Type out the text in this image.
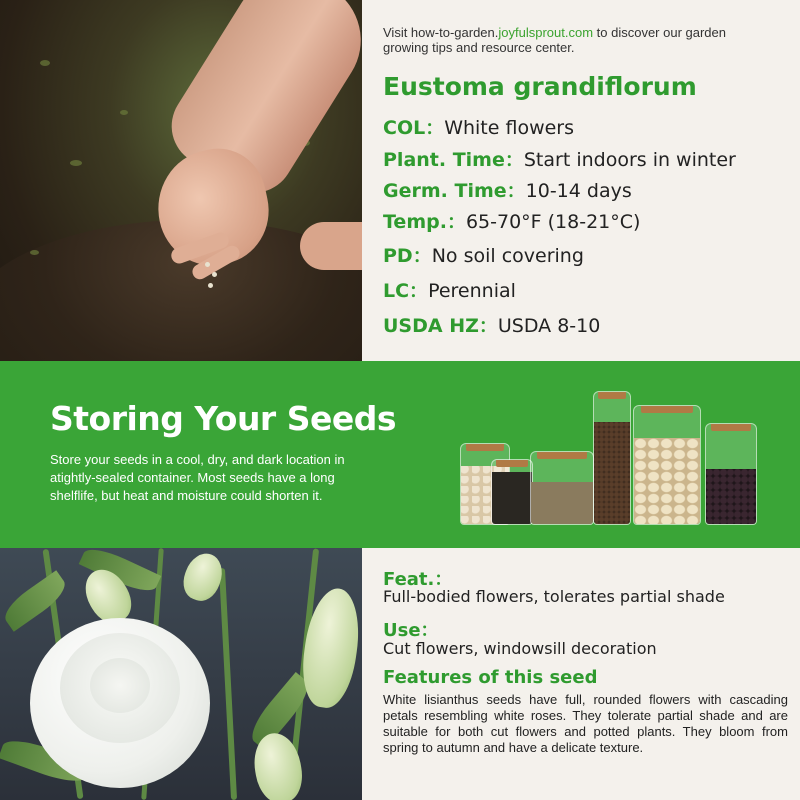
Visit how-to-garden.joyfulsprout.com to discover our garden growing tips and resource center.
Eustoma grandiflorum
COL：White flowers
Plant. Time：Start indoors in winter
Germ. Time：10-14 days
Temp.：65-70°F (18-21°C)
PD：No soil covering
LC：Perennial
USDA HZ：USDA 8-10
Storing Your Seeds
Store your seeds in a cool, dry, and dark location in atightly-sealed container. Most seeds have a long shelflife, but heat and moisture could shorten it.
Feat.：
Full-bodied flowers, tolerates partial shade
Use：
Cut flowers, windowsill decoration
Features of this seed
White lisianthus seeds have full, rounded flowers with cascading petals resembling white roses. They tolerate partial shade and are suitable for both cut flowers and potted plants. They bloom from spring to autumn and have a delicate texture.
